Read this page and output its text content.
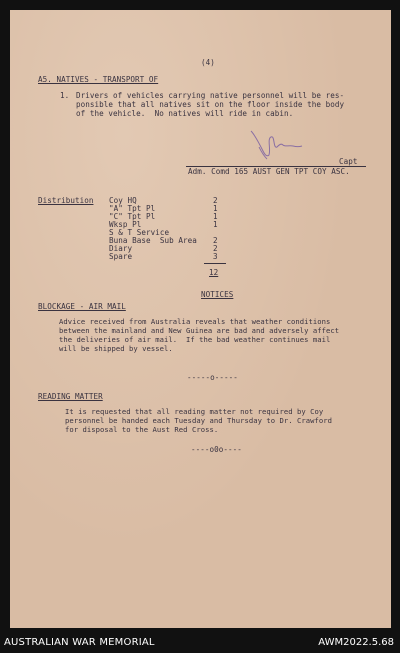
(4)
A5. NATIVES - TRANSPORT OF
1. Drivers of vehicles carrying native personnel will be res-
ponsible that all natives sit on the floor inside the body
of the vehicle.  No natives will ride in cabin.
Capt
Adm. Comd 165 AUST GEN TPT COY ASC.
Distribution Coy HQ	2
"A" Tpt Pl	1
"C" Tpt Pl	1
Wksp Pl	1
S & T Service
Buna Base  Sub Area 2
Diary	2
Spare	3
12
NOTICES
BLOCKAGE - AIR MAIL
Advice received from Australia reveals that weather conditions
between the mainland and New Guinea are bad and adversely affect
the deliveries of air mail.  If the bad weather continues mail
will be shipped by vessel.
-----o-----
READING MATTER
It is requested that all reading matter not required by Coy
personnel be handed each Tuesday and Thursday to Dr. Crawford
for disposal to the Aust Red Cross.
----o0o----
AUSTRALIAN WAR MEMORIAL	AWM2022.5.68
